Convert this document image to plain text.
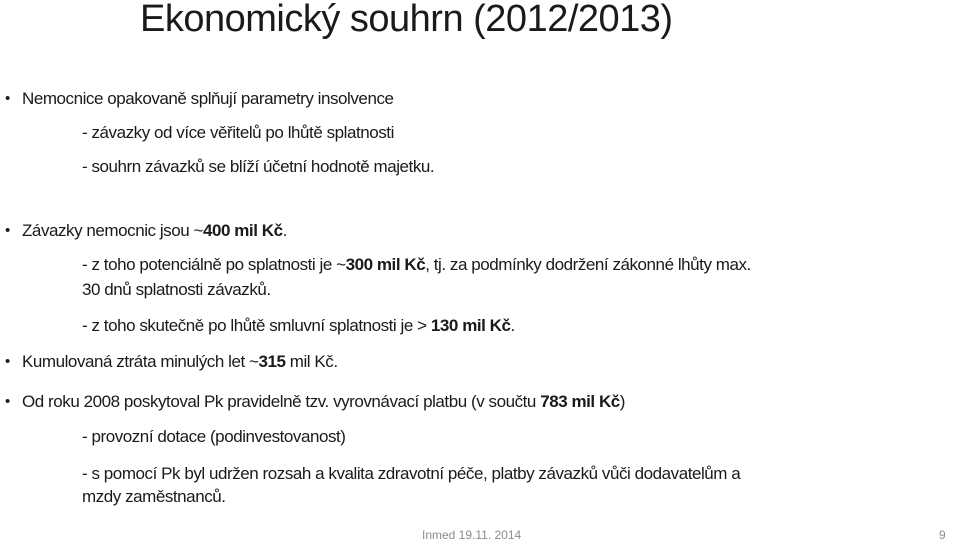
Ekonomický souhrn (2012/2013)
• Nemocnice opakovaně splňují parametry insolvence
- závazky od více věřitelů po lhůtě splatnosti
- souhrn závazků se blíží účetní hodnotě majetku.
• Závazky nemocnic jsou ~400 mil Kč.
- z toho potenciálně po splatnosti je ~300 mil Kč, tj. za podmínky dodržení zákonné lhůty max.
30 dnů splatnosti závazků.
- z toho skutečně po lhůtě smluvní splatnosti je > 130 mil Kč.
• Kumulovaná ztráta minulých let ~315 mil Kč.
• Od roku 2008 poskytoval Pk pravidelně tzv. vyrovnávací platbu (v součtu 783 mil Kč)
- provozní dotace (podinvestovanost)
- s pomocí Pk byl udržen rozsah a kvalita zdravotní péče, platby závazků vůči dodavatelům a
mzdy zaměstnanců.
Inmed 19.11. 2014	9
